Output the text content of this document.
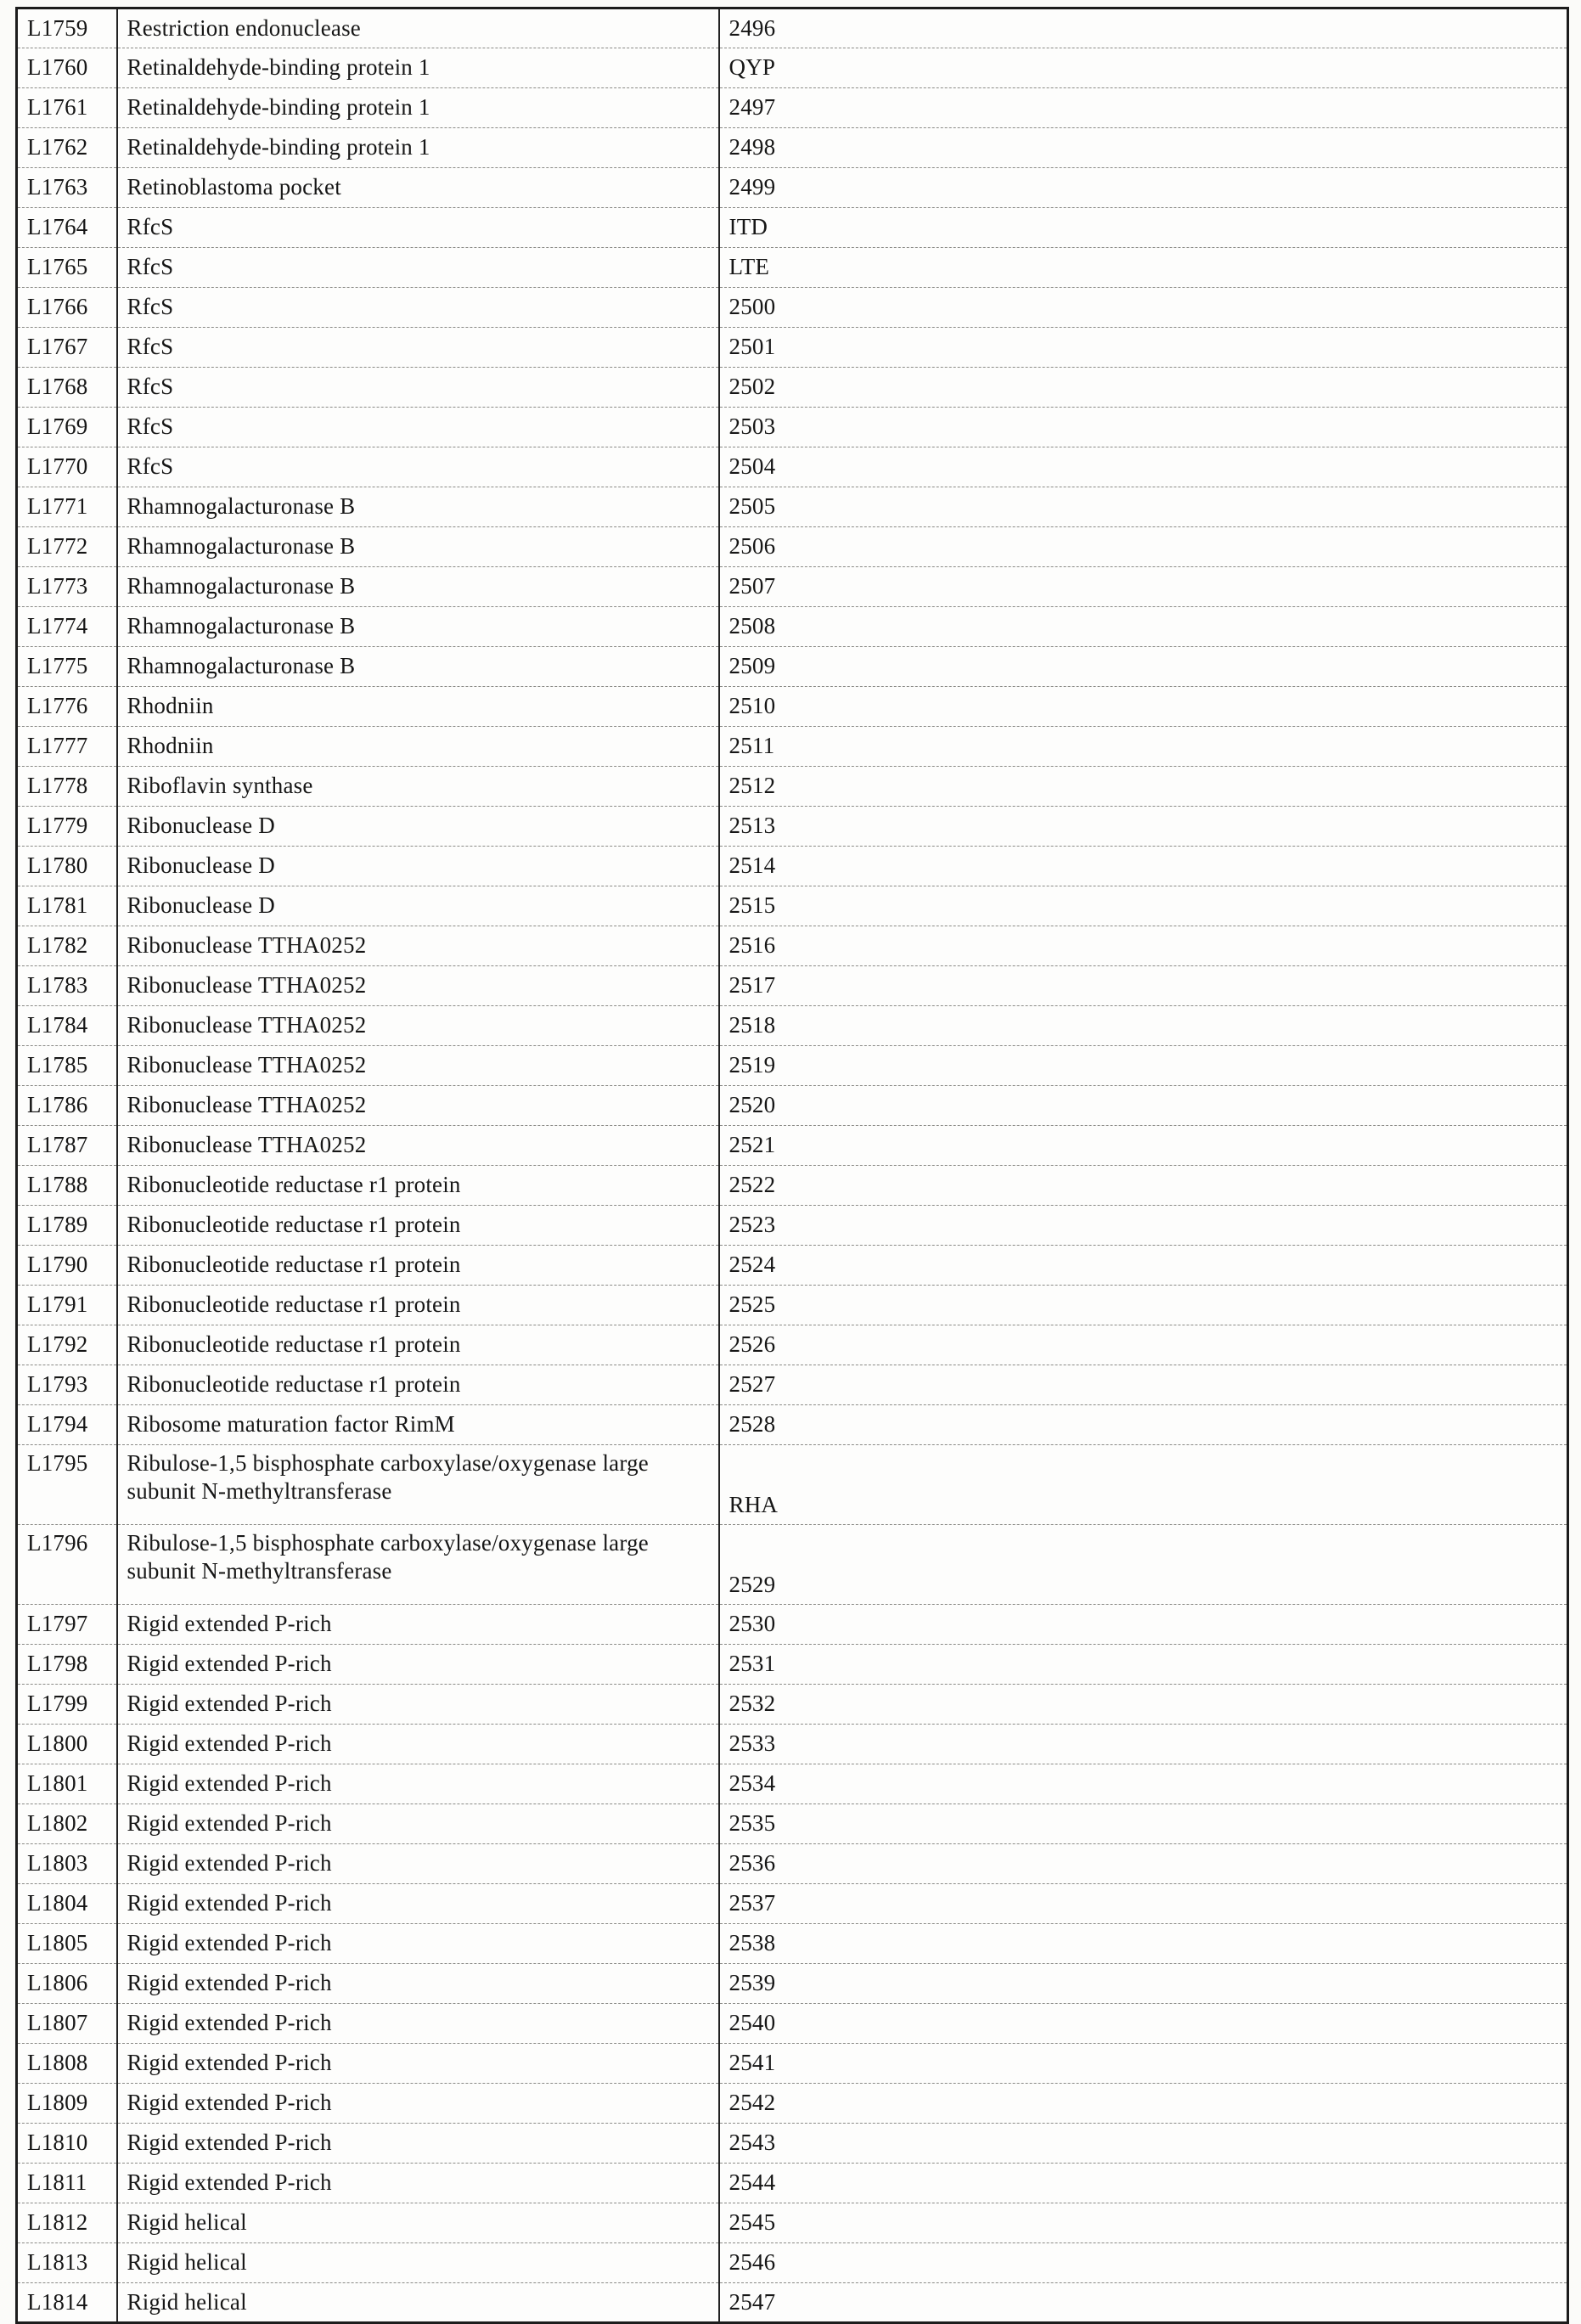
L1759	Restriction endonuclease	2496
L1760	Retinaldehyde-binding protein 1	QYP
L1761	Retinaldehyde-binding protein 1	2497
L1762	Retinaldehyde-binding protein 1	2498
L1763	Retinoblastoma pocket	2499
L1764	RfcS	ITD
L1765	RfcS	LTE
L1766	RfcS	2500
L1767	RfcS	2501
L1768	RfcS	2502
L1769	RfcS	2503
L1770	RfcS	2504
L1771	Rhamnogalacturonase B	2505
L1772	Rhamnogalacturonase B	2506
L1773	Rhamnogalacturonase B	2507
L1774	Rhamnogalacturonase B	2508
L1775	Rhamnogalacturonase B	2509
L1776	Rhodniin	2510
L1777	Rhodniin	2511
L1778	Riboflavin synthase	2512
L1779	Ribonuclease D	2513
L1780	Ribonuclease D	2514
L1781	Ribonuclease D	2515
L1782	Ribonuclease TTHA0252	2516
L1783	Ribonuclease TTHA0252	2517
L1784	Ribonuclease TTHA0252	2518
L1785	Ribonuclease TTHA0252	2519
L1786	Ribonuclease TTHA0252	2520
L1787	Ribonuclease TTHA0252	2521
L1788	Ribonucleotide reductase r1 protein	2522
L1789	Ribonucleotide reductase r1 protein	2523
L1790	Ribonucleotide reductase r1 protein	2524
L1791	Ribonucleotide reductase r1 protein	2525
L1792	Ribonucleotide reductase r1 protein	2526
L1793	Ribonucleotide reductase r1 protein	2527
L1794	Ribosome maturation factor RimM	2528
L1795	Ribulose-1,5 bisphosphate carboxylase/oxygenase large subunit N-methyltransferase	RHA
L1796	Ribulose-1,5 bisphosphate carboxylase/oxygenase large subunit N-methyltransferase	2529
L1797	Rigid extended P-rich	2530
L1798	Rigid extended P-rich	2531
L1799	Rigid extended P-rich	2532
L1800	Rigid extended P-rich	2533
L1801	Rigid extended P-rich	2534
L1802	Rigid extended P-rich	2535
L1803	Rigid extended P-rich	2536
L1804	Rigid extended P-rich	2537
L1805	Rigid extended P-rich	2538
L1806	Rigid extended P-rich	2539
L1807	Rigid extended P-rich	2540
L1808	Rigid extended P-rich	2541
L1809	Rigid extended P-rich	2542
L1810	Rigid extended P-rich	2543
L1811	Rigid extended P-rich	2544
L1812	Rigid helical	2545
L1813	Rigid helical	2546
L1814	Rigid helical	2547
